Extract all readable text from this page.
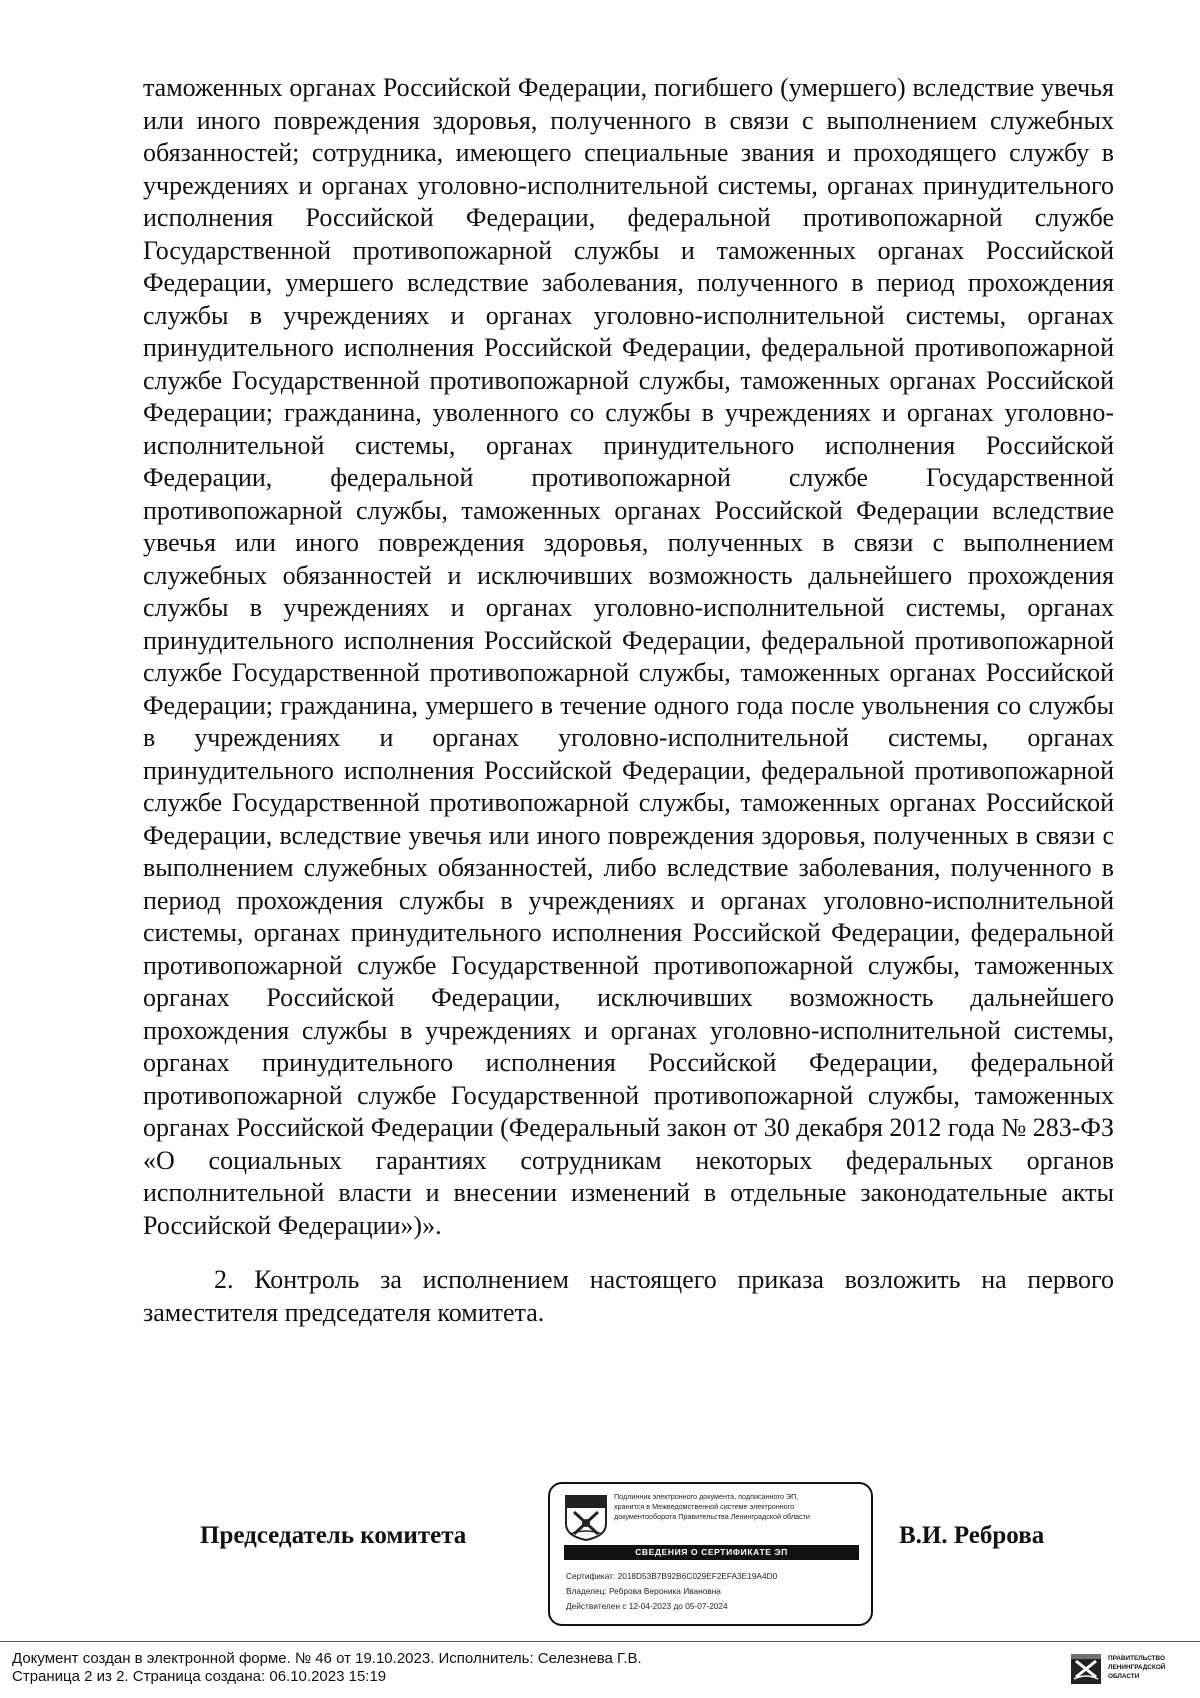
таможенных органах Российской Федерации, погибшего (умершего) вследствие увечья или иного повреждения здоровья, полученного в связи с выполнением служебных обязанностей; сотрудника, имеющего специальные звания и проходящего службу в учреждениях и органах уголовно-исполнительной системы, органах принудительного исполнения Российской Федерации, федеральной противопожарной службе Государственной противопожарной службы и таможенных органах Российской Федерации, умершего вследствие заболевания, полученного в период прохождения службы в учреждениях и органах уголовно-исполнительной системы, органах принудительного исполнения Российской Федерации, федеральной противопожарной службе Государственной противопожарной службы, таможенных органах Российской Федерации; гражданина, уволенного со службы в учреждениях и органах уголовно-исполнительной системы, органах принудительного исполнения Российской Федерации, федеральной противопожарной службе Государственной противопожарной службы, таможенных органах Российской Федерации вследствие увечья или иного повреждения здоровья, полученных в связи с выполнением служебных обязанностей и исключивших возможность дальнейшего прохождения службы в учреждениях и органах уголовно-исполнительной системы, органах принудительного исполнения Российской Федерации, федеральной противопожарной службе Государственной противопожарной службы, таможенных органах Российской Федерации; гражданина, умершего в течение одного года после увольнения со службы в учреждениях и органах уголовно-исполнительной системы, органах принудительного исполнения Российской Федерации, федеральной противопожарной службе Государственной противопожарной службы, таможенных органах Российской Федерации, вследствие увечья или иного повреждения здоровья, полученных в связи с выполнением служебных обязанностей, либо вследствие заболевания, полученного в период прохождения службы в учреждениях и органах уголовно-исполнительной системы, органах принудительного исполнения Российской Федерации, федеральной противопожарной службе Государственной противопожарной службы, таможенных органах Российской Федерации, исключивших возможность дальнейшего прохождения службы в учреждениях и органах уголовно-исполнительной системы, органах принудительного исполнения Российской Федерации, федеральной противопожарной службе Государственной противопожарной службы, таможенных органах Российской Федерации (Федеральный закон от 30 декабря 2012 года № 283-ФЗ «О социальных гарантиях сотрудникам некоторых федеральных органов исполнительной власти и внесении изменений в отдельные законодательные акты Российской Федерации»)».

2. Контроль за исполнением настоящего приказа возложить на первого заместителя председателя комитета.

Председатель комитета
Подлинник электронного документа, подписанного ЭП,
хранится в Межведомственной системе электронного
документооборота Правительства Ленинградской области
СВЕДЕНИЯ О СЕРТИФИКАТЕ ЭП
Сертификат: 2018D53B7B92B6C029EF2EFA3E19A4D0
Владелец: Реброва Вероника Ивановна
Действителен с 12-04-2023 до 05-07-2024
В.И. Реброва
Документ создан в электронной форме. № 46 от 19.10.2023. Исполнитель: Селезнева Г.В.
Страница 2 из 2. Страница создана: 06.10.2023 15:19
ПРАВИТЕЛЬСТВО
ЛЕНИНГРАДСКОЙ
ОБЛАСТИ
